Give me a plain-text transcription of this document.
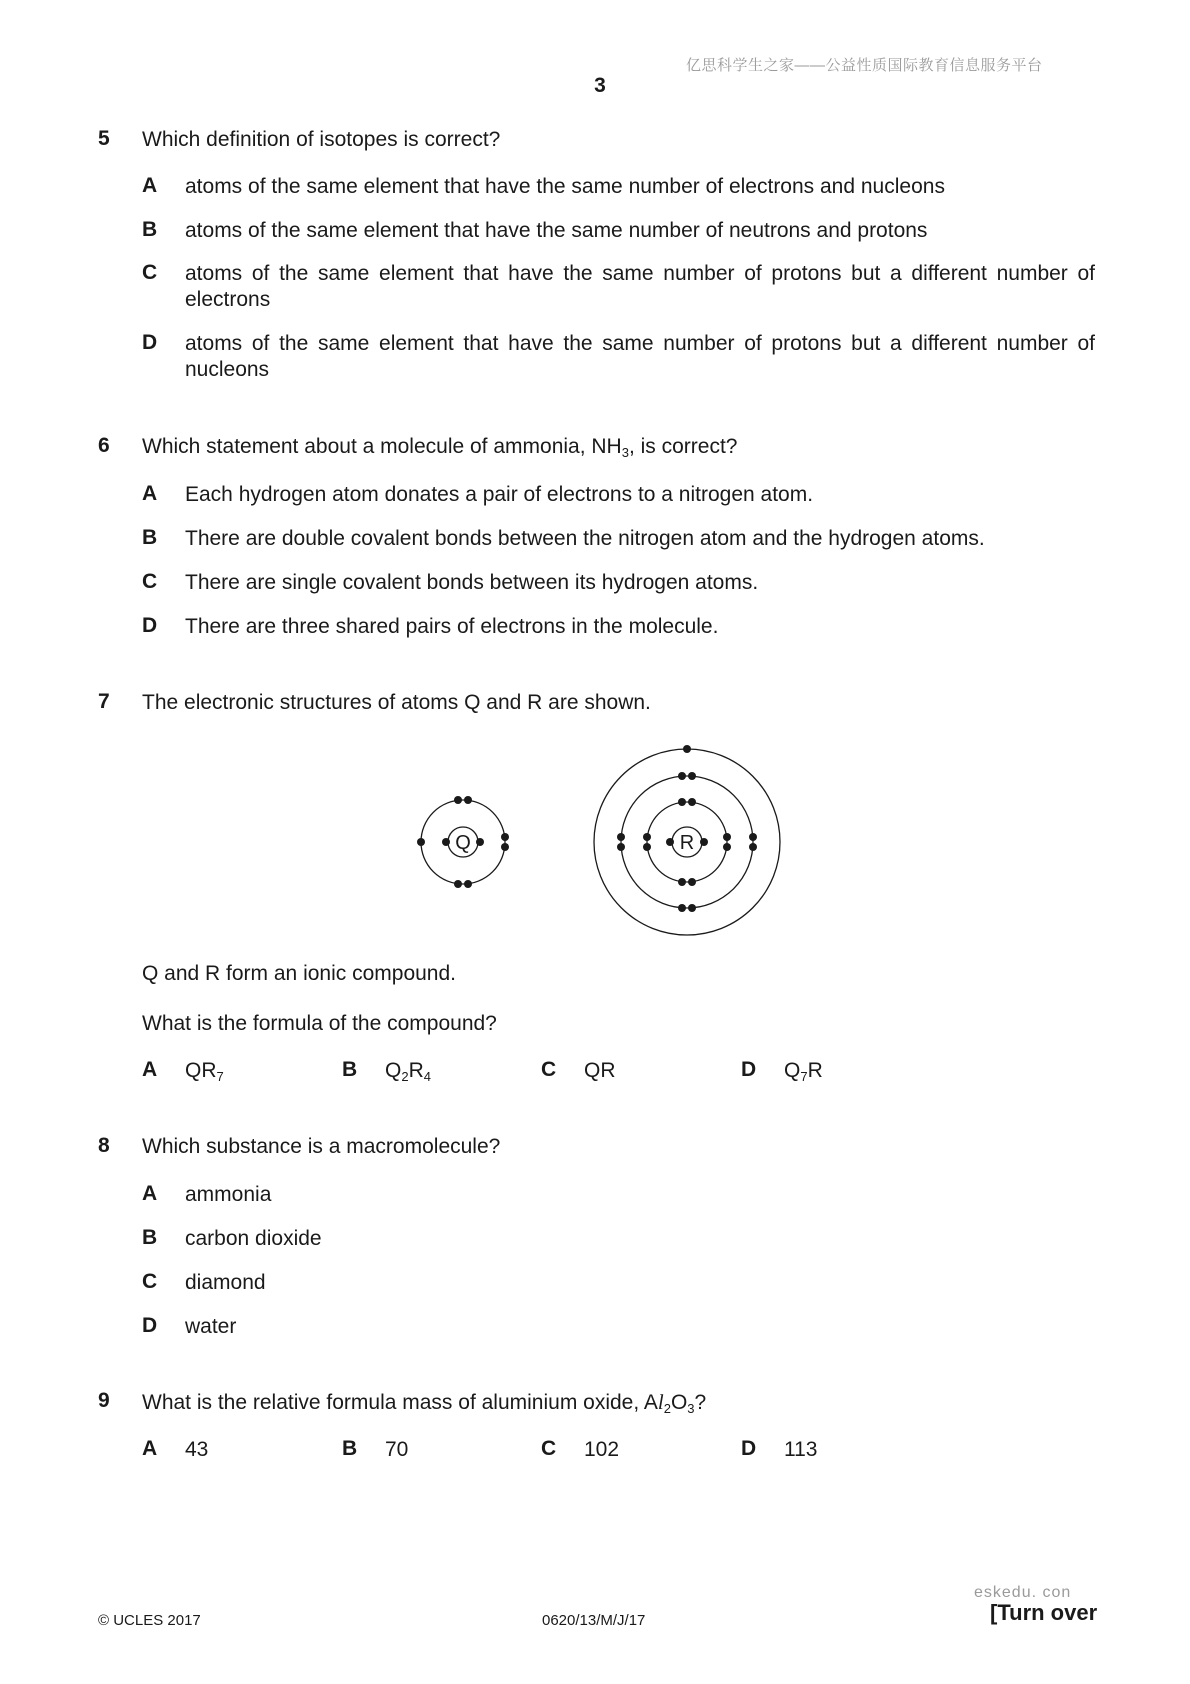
亿思科学生之家——公益性质国际教育信息服务平台
3
5 Which definition of isotopes is correct?
A atoms of the same element that have the same number of electrons and nucleons
B atoms of the same element that have the same number of neutrons and protons
C atoms of the same element that have the same number of protons but a different number of electrons
D atoms of the same element that have the same number of protons but a different number of nucleons
6 Which statement about a molecule of ammonia, $NH_3$, is correct?
A Each hydrogen atom donates a pair of electrons to a nitrogen atom.
B There are double covalent bonds between the nitrogen atom and the hydrogen atoms.
C There are single covalent bonds between its hydrogen atoms.
D There are three shared pairs of electrons in the molecule.
7 The electronic structures of atoms Q and R are shown.
Q	R
Q and R form an ionic compound.
What is the formula of the compound?
A $QR_7$	B $Q_2R_4$	C QR	D $Q_7R$
8 Which substance is a macromolecule?
A ammonia
B carbon dioxide
C diamond
D water
9 What is the relative formula mass of aluminium oxide, $Al_2O_3$?
A 43	B 70	C 102	D 113
eskedu. con
© UCLES 2017	0620/13/M/J/17	[Turn over
